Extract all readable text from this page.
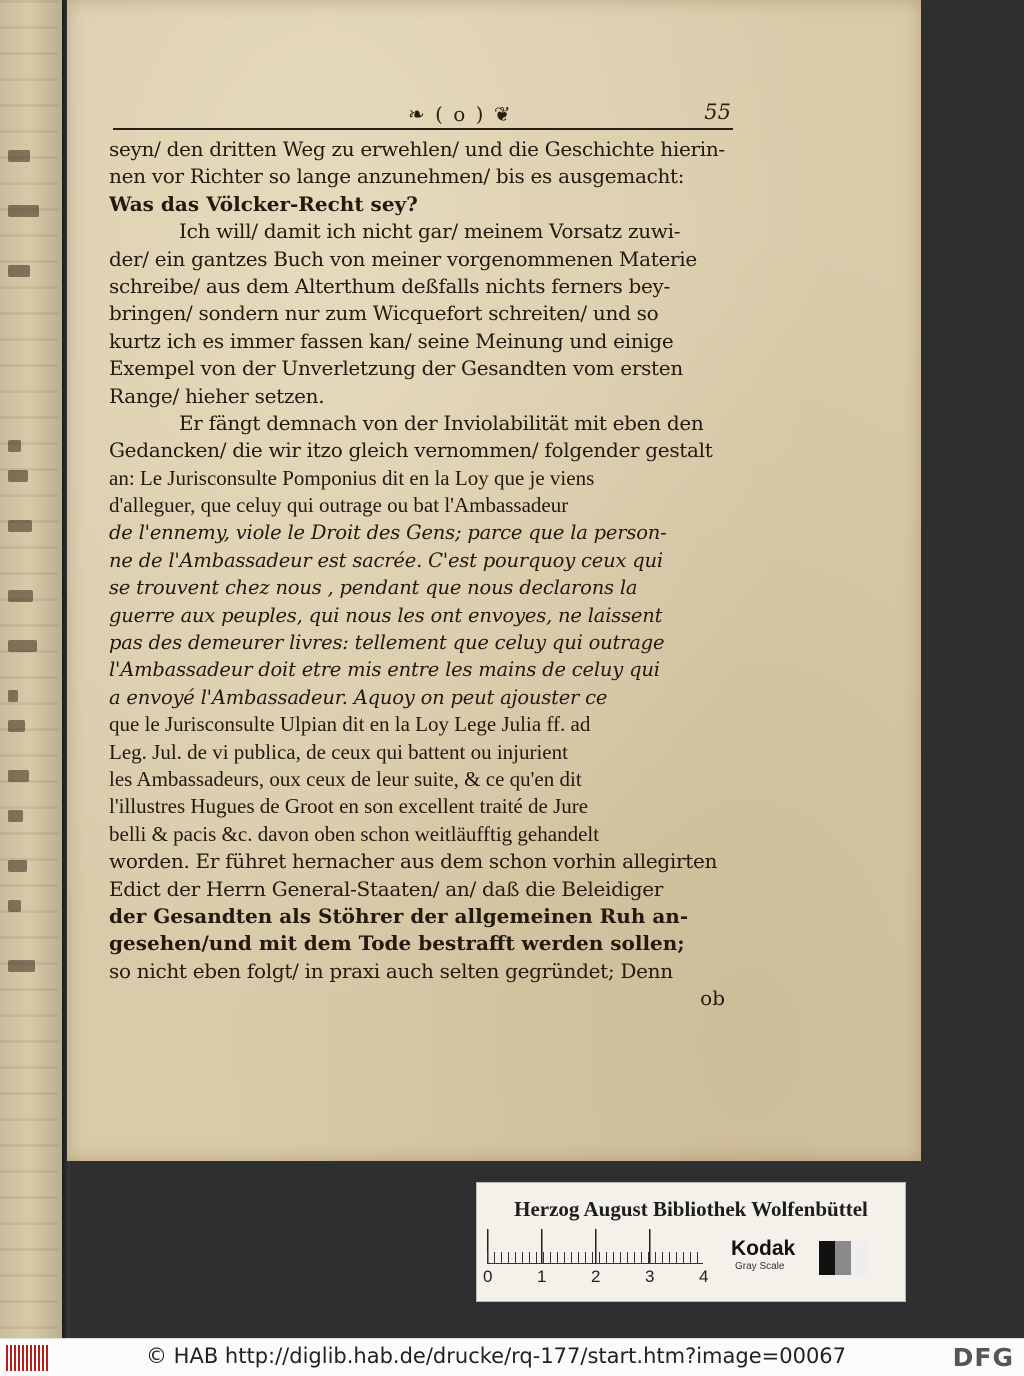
❧ ( o ) ❦	55
seyn/ den dritten Weg zu erwehlen/ und die Geschichte hierin-
nen vor Richter so lange anzunehmen/ bis es ausgemacht:
Was das Völcker-Recht sey?
Ich will/ damit ich nicht gar/ meinem Vorsatz zuwi-
der/ ein gantzes Buch von meiner vorgenommenen Materie
schreibe/ aus dem Alterthum deßfalls nichts ferners bey-
bringen/ sondern nur zum Wicquefort schreiten/ und so
kurtz ich es immer fassen kan/ seine Meinung und einige
Exempel von der Unverletzung der Gesandten vom ersten
Range/ hieher setzen.
Er fängt demnach von der Inviolabilität mit eben den
Gedancken/ die wir itzo gleich vernommen/ folgender gestalt
an: Le Jurisconsulte Pomponius dit en la Loy que je viens
d'alleguer, que celuy qui outrage ou bat l'Ambassadeur
de l'ennemy, viole le Droit des Gens; parce que la person-
ne de l'Ambassadeur est sacrée. C'est pourquoy ceux qui
se trouvent chez nous , pendant que nous declarons la
guerre aux peuples, qui nous les ont envoyes, ne laissent
pas des demeurer livres: tellement que celuy qui outrage
l'Ambassadeur doit etre mis entre les mains de celuy qui
a envoyé l'Ambassadeur. Aquoy on peut ajouster ce
que le Jurisconsulte Ulpian dit en la Loy Lege Julia ff. ad
Leg. Jul. de vi publica, de ceux qui battent ou injurient
les Ambassadeurs, oux ceux de leur suite, & ce qu'en dit
l'illustres Hugues de Groot en son excellent traité de Jure
belli & pacis &c. davon oben schon weitläufftig gehandelt
worden. Er führet hernacher aus dem schon vorhin allegirten
Edict der Herrn General-Staaten/ an/ daß die Beleidiger
der Gesandten als Stöhrer der allgemeinen Ruh an-
gesehen/und mit dem Tode bestrafft werden sollen;
so nicht eben folgt/ in praxi auch selten gegründet; Denn
ob
Herzog August Bibliothek Wolfenbüttel
0	1	2	3	4
Kodak
Gray Scale
© HAB http://diglib.hab.de/drucke/rq-177/start.htm?image=00067	DFG
